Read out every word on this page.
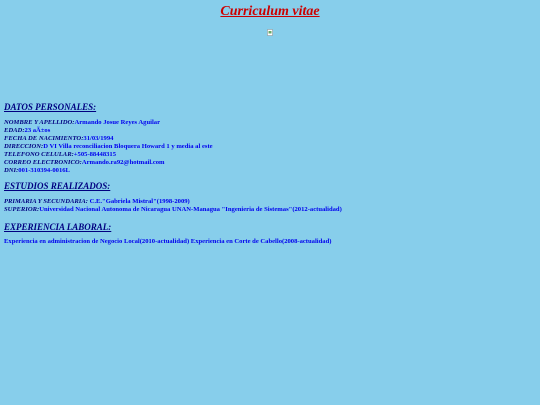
Curriculum vitae
DATOS PERSONALES:
NOMBRE Y APELLIDO:Armando Josue Reyes Aguilar
EDAD:23 aÃ±os
FECHA DE NACIMIENTO:31/03/1994
DIRECCION:D VI Villa reconciliacion Bloquera Howard 1 y media al este
TELEFONO CELULAR:+505-88448315
CORREO ELECTRONICO:Armando.ra92@hotmail.com
DNI:001-310394-0016L
ESTUDIOS REALIZADOS:
PRIMARIA Y SECUNDARIA: C.E."Gabriela Mistral"(1998-2009)
SUPERIOR:Universidad Nacional Autonoma de Nicaragua UNAN-Managua "Ingenieria de Sistemas"(2012-actualidad)
EXPERIENCIA LABORAL:
Experiencia en administracion de Negocio Local(2010-actualidad) Experiencia en Corte de Cabello(2008-actualidad)
